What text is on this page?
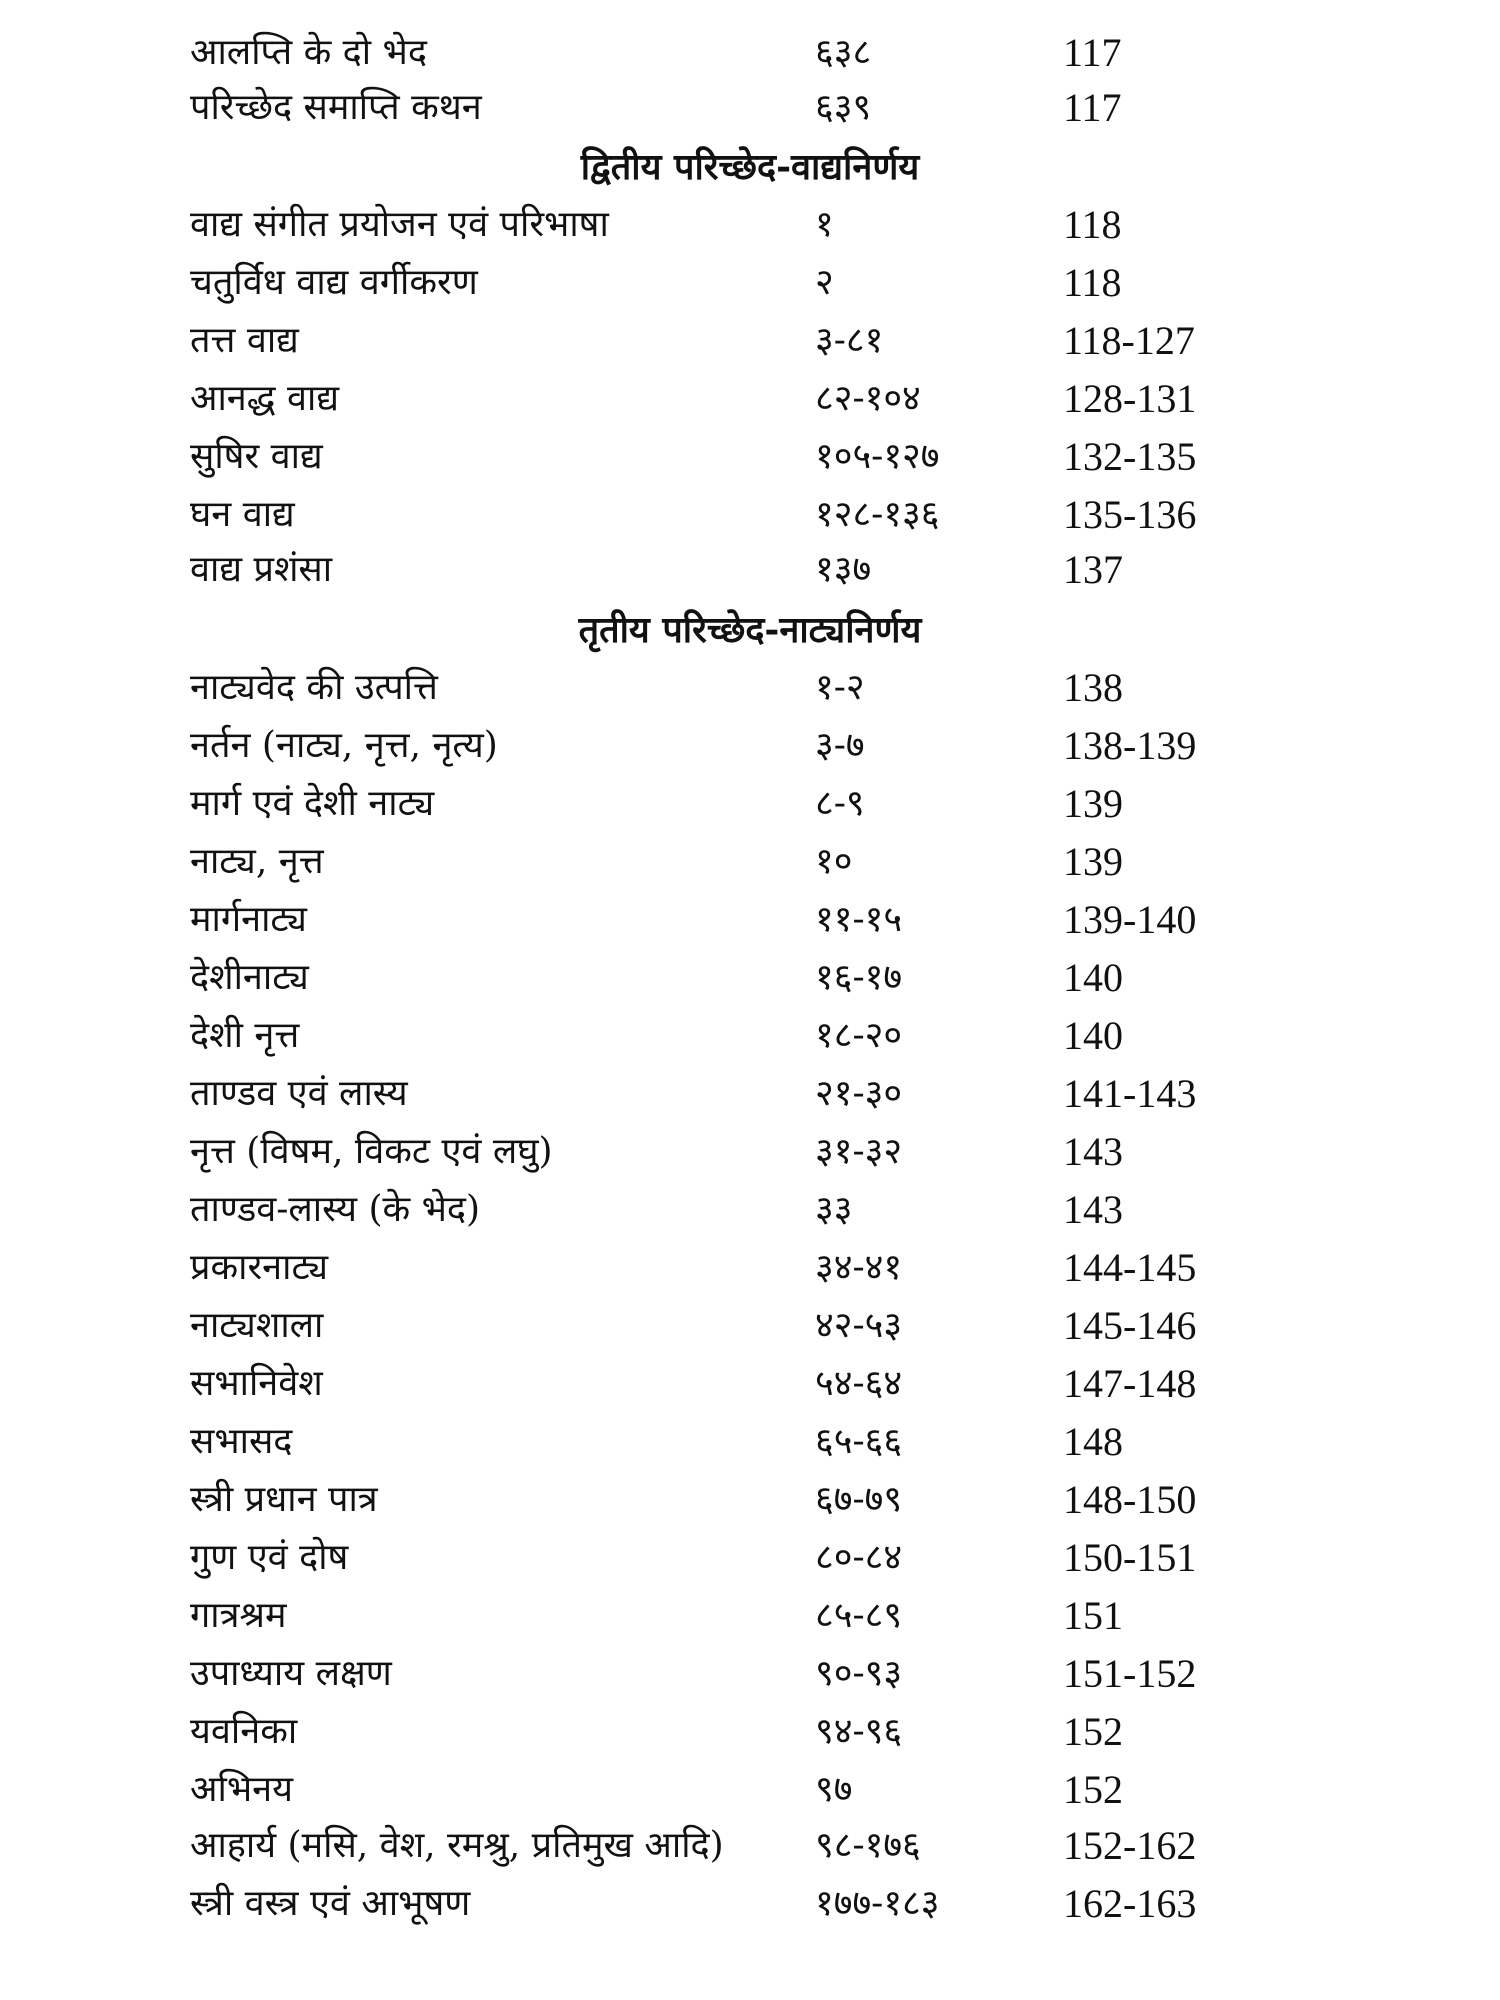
आलप्ति के दो भेद	६३८	117
परिच्छेद समाप्ति कथन	६३९	117
द्वितीय परिच्छेद-वाद्यनिर्णय
वाद्य संगीत प्रयोजन एवं परिभाषा	१	118
चतुर्विध वाद्य वर्गीकरण	२	118
तत्त वाद्य	३-८१	118-127
आनद्ध वाद्य	८२-१०४	128-131
सुषिर वाद्य	१०५-१२७	132-135
घन वाद्य	१२८-१३६	135-136
वाद्य प्रशंसा	१३७	137
तृतीय परिच्छेद-नाट्यनिर्णय
नाट्यवेद की उत्पत्ति	१-२	138
नर्तन (नाट्य, नृत्त, नृत्य)	३-७	138-139
मार्ग एवं देशी नाट्य	८-९	139
नाट्य, नृत्त	१०	139
मार्गनाट्य	११-१५	139-140
देशीनाट्य	१६-१७	140
देशी नृत्त	१८-२०	140
ताण्डव एवं लास्य	२१-३०	141-143
नृत्त (विषम, विकट एवं लघु)	३१-३२	143
ताण्डव-लास्य (के भेद)	३३	143
प्रकारनाट्य	३४-४१	144-145
नाट्यशाला	४२-५३	145-146
सभानिवेश	५४-६४	147-148
सभासद	६५-६६	148
स्त्री प्रधान पात्र	६७-७९	148-150
गुण एवं दोष	८०-८४	150-151
गात्रश्रम	८५-८९	151
उपाध्याय लक्षण	९०-९३	151-152
यवनिका	९४-९६	152
अभिनय	९७	152
आहार्य (मसि, वेश, रमश्रु, प्रतिमुख आदि)	९८-१७६	152-162
स्त्री वस्त्र एवं आभूषण	१७७-१८३	162-163
